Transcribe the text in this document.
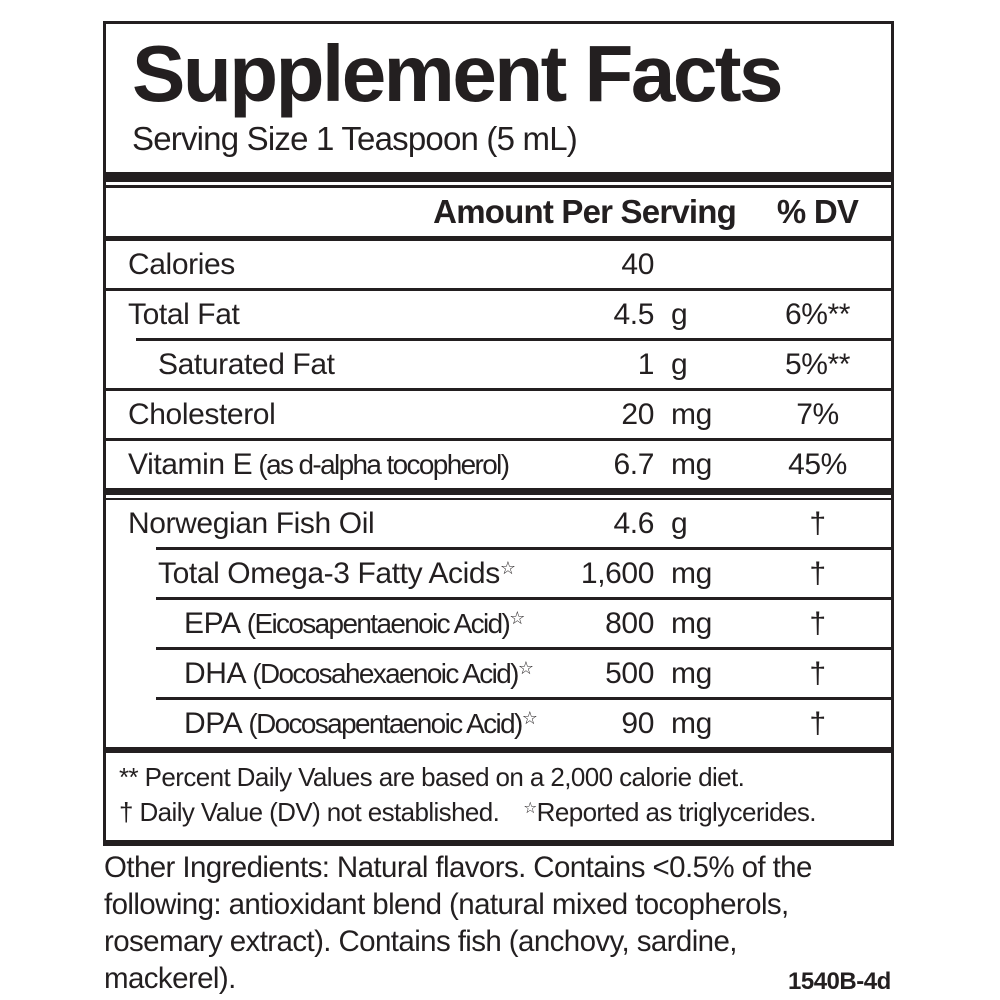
Supplement Facts
Serving Size 1 Teaspoon (5 mL)
Amount Per Serving	% DV
Calories	40
Total Fat	4.5 g	6%**
Saturated Fat	1 g	5%**
Cholesterol	20 mg	7%
Vitamin E (as d-alpha tocopherol)	6.7 mg	45%
Norwegian Fish Oil	4.6 g	†
Total Omega-3 Fatty Acids☆	1,600 mg	†
EPA (Eicosapentaenoic Acid)☆	800 mg	†
DHA (Docosahexaenoic Acid)☆	500 mg	†
DPA (Docosapentaenoic Acid)☆	90 mg	†
** Percent Daily Values are based on a 2,000 calorie diet.
† Daily Value (DV) not established. ☆Reported as triglycerides.
Other Ingredients: Natural flavors. Contains <0.5% of the
following: antioxidant blend (natural mixed tocopherols,
rosemary extract). Contains fish (anchovy, sardine,
mackerel).	1540B-4d
